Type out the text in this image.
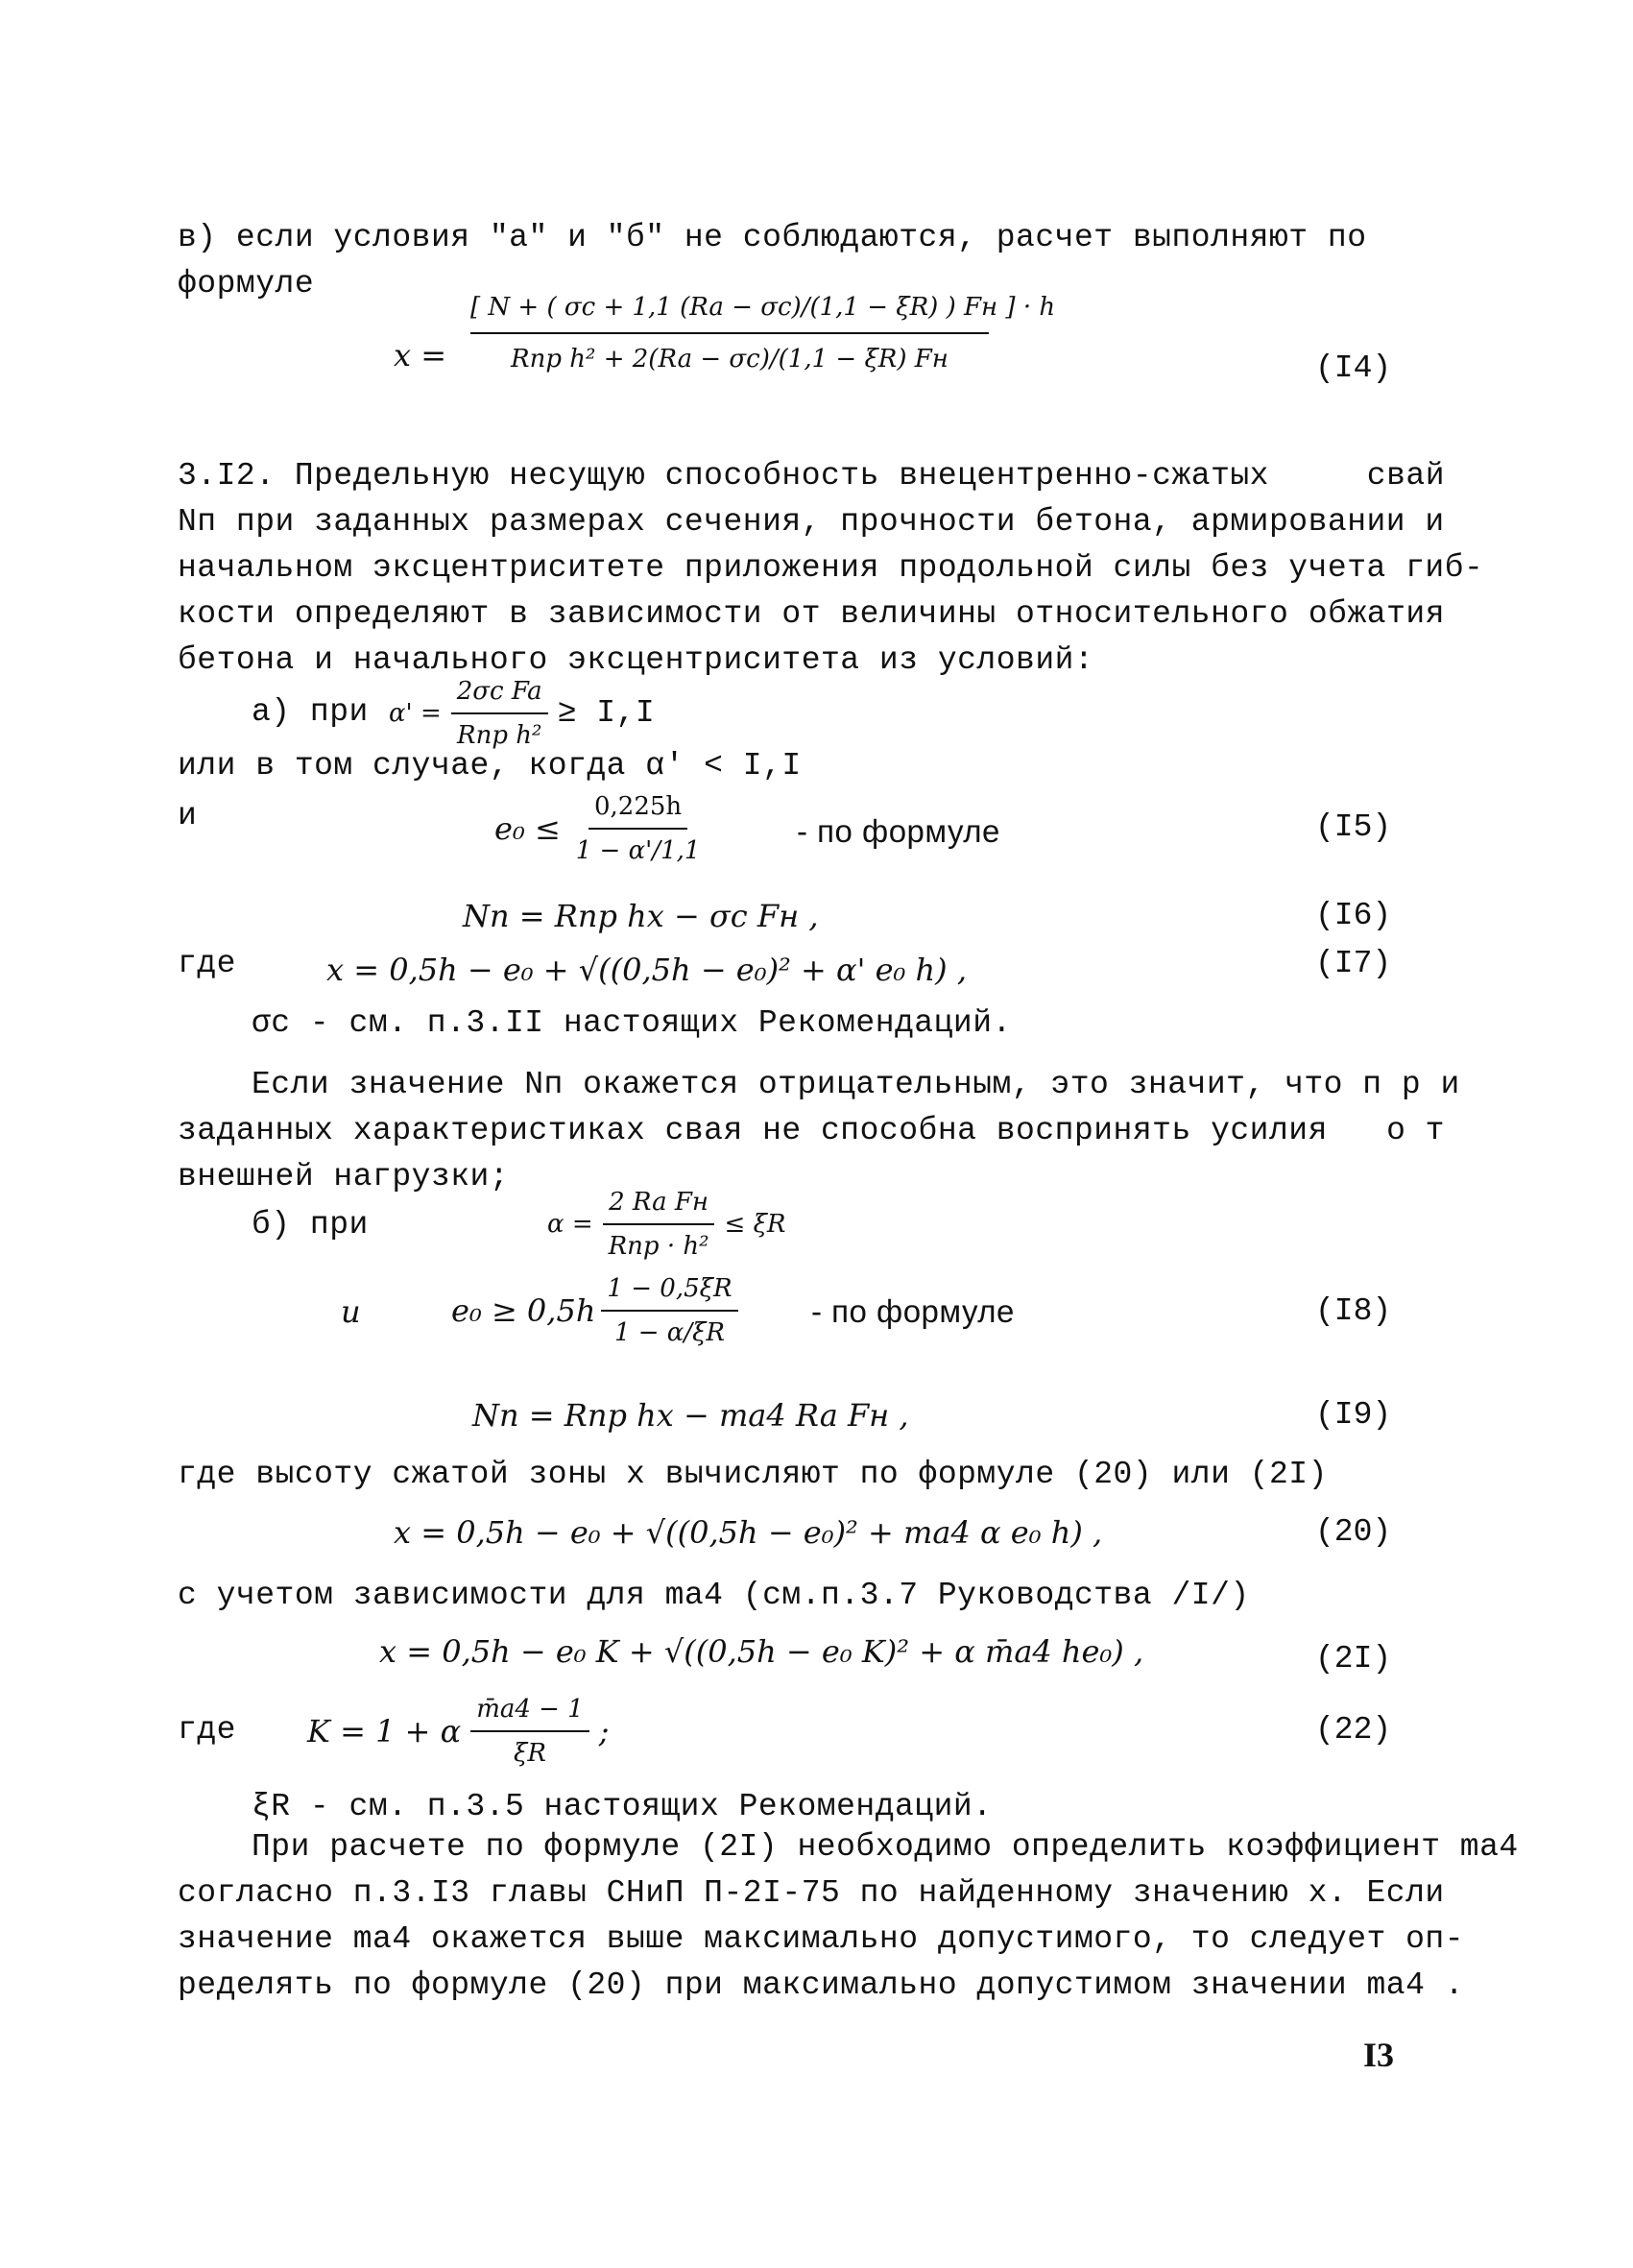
в) если условия "а" и "б" не соблюдаются, расчет выполняют по
формуле
x =
[ N + ( σc + 1,1 (Ra − σc)/(1,1 − ξR) ) Fн ] · h
Rпр h² + 2(Ra − σc)/(1,1 − ξR) Fн	(I4)
3.I2. Предельную несущую способность внецентренно-сжатых	свай
Nп при заданных размерах сечения, прочности бетона, армировании и
начальном эксцентриситете приложения продольной силы без учета гиб-
кости определяют в зависимости от величины относительного обжатия
бетона и начального эксцентриситета из условий:
а) при $\alpha' = \frac{\text{2σc Fa}}{\text{Rпр h²}} \ge I,I$
или в том случае, когда α' < I,I
и	$e_0 \le \frac{0,225h}{1 - \alpha'/1,1}$	- по формуле	(I5)
Nп = Rпр hx − σc Fн ,	(I6)
где	x = 0,5h − e₀ + √((0,5h − e₀)² + α' e₀ h) ,	(I7)
σc - см. п.3.II настоящих Рекомендаций.
Если значение Nп окажется отрицательным, это значит, что п р и
заданных характеристиках свая не способна воспринять усилия о т
внешней нагрузки;
б) при	$\alpha = \frac{\text{2 Ra Fн}}{\text{Rпр · h²}} \le \xi R$
и	$e_0 \ge 0,5h \frac{1 - 0,5\xi R}{1 - \alpha/\xi R}$ - по формуле	(I8)
Nп = Rпр hx − ma4 Ra Fн ,	(I9)
где высоту сжатой зоны x вычисляют по формуле (20) или (2I)
x = 0,5h − e₀ + √((0,5h − e₀)² + ma4 α e₀ h) ,	(20)
с учетом зависимости для ma4 (см.п.3.7 Руководства /I/)
x = 0,5h − e₀ K + √((0,5h − e₀ K)² + α m̄a4 he₀) ,	(2I)
где K = 1 + α $\frac{m̄a4 - 1}{\xi R}$ ;	(22)
ξR - см. п.3.5 настоящих Рекомендаций.
При расчете по формуле (2I) необходимо определить коэффициент ma4
согласно п.3.I3 главы СНиП П-2I-75 по найденному значению x. Если
значение ma4 окажется выше максимально допустимого, то следует оп-
ределять по формуле (20) при максимально допустимом значении ma4 .
I3
